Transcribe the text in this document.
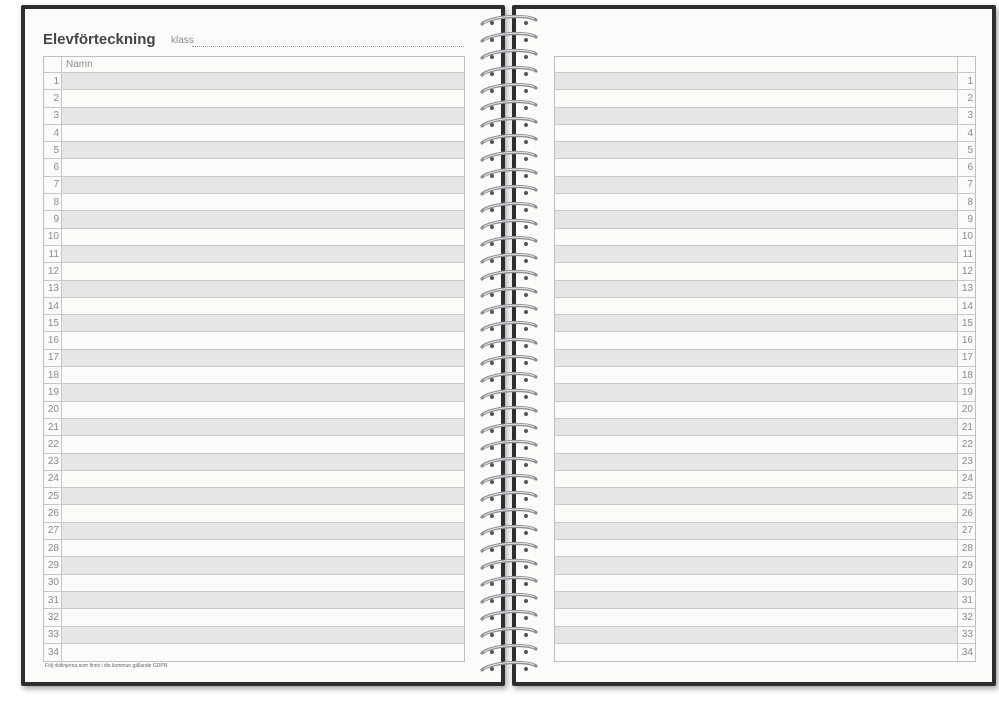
Elevförteckning klass
Namn
1
2
3
4
5
6
7
8
9
10
11
12
13
14
15
16
17
18
19
20
21
22
23
24
25
26
27
28
29
30
31
32
33
34
Följ riktlinjerna som finns i din kommun gällande GDPR.
1
2
3
4
5
6
7
8
9
10
11
12
13
14
15
16
17
18
19
20
21
22
23
24
25
26
27
28
29
30
31
32
33
34
